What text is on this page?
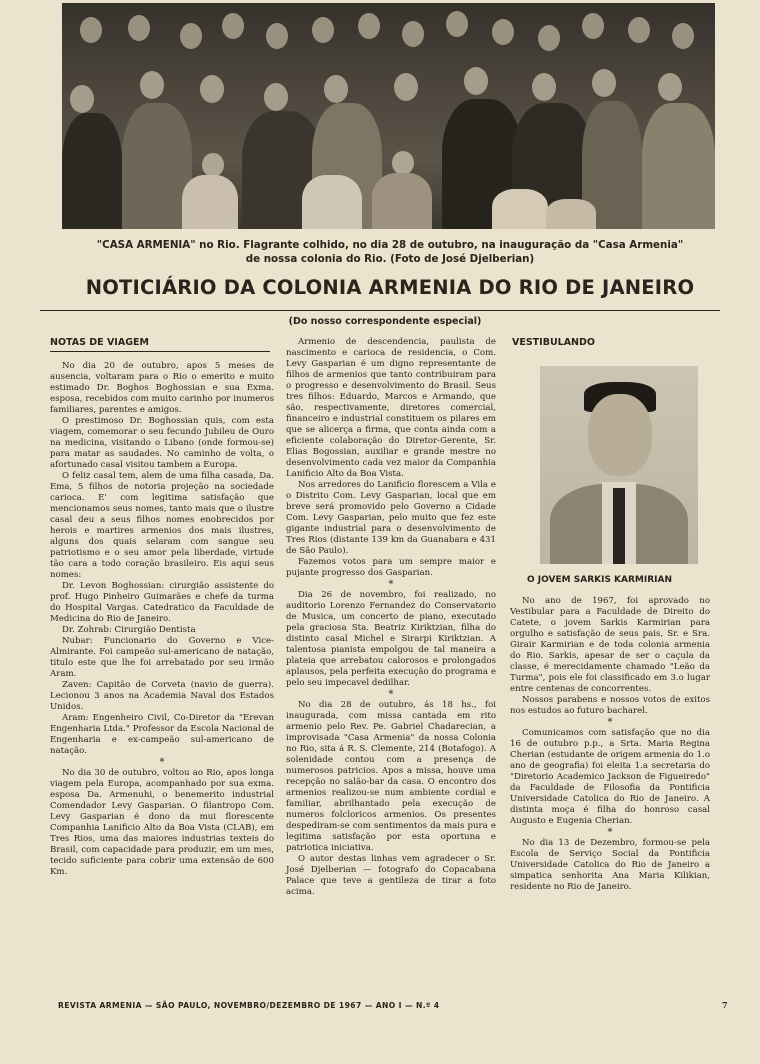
"CASA ARMENIA" no Rio. Flagrante colhido, no dia 28 de outubro, na inauguração da "Casa Armenia"
de nossa colonia do Rio. (Foto de José Djelberian)
NOTICIÁRIO DA COLONIA ARMENIA DO RIO DE JANEIRO
(Do nosso correspondente especial)
NOTAS DE VIAGEM

No dia 20 de outubro, apos 5 meses de ausencia, voltaram para o Rio o emerito e muito estimado Dr. Boghos Boghossian e sua Exma. esposa, recebidos com muito carinho por inumeros familiares, parentes e amigos.

O prestimoso Dr. Boghossian quis, com esta viagem, comemorar o seu fecundo Jubileu de Ouro na medicina, visitando o Libano (onde formou-se) para matar as saudades. No caminho de volta, o afortunado casal visitou tambem a Europa.

O feliz casal tem, alem de uma filha casada, Da. Ema, 5 filhos de notoria projeção na sociedade carioca. E' com legitima satisfação que mencionamos seus nomes, tanto mais que o ilustre casal deu a seus filhos nomes enobrecidos por herois e martires armenios dos mais ilustres, alguns dos quais selaram com sangue seu patriotismo e o seu amor pela liberdade, virtude tão cara a todo coração brasileiro. Eis aqui seus nomes:

Dr. Levon Boghossian: cirurgião assistente do prof. Hugo Pinheiro Guimarães e chefe da turma do Hospital Vargas. Catedratico da Faculdade de Medicina do Rio de Janeiro.

Dr. Zohrab: Cirurgião Dentista

Nubar: Funcionario do Governo e Vice-Almirante. Foi campeão sul-americano de natação, titulo este que lhe foi arrebatado por seu irmão Aram.

Zaven: Capitão de Corveta (navio de guerra). Lecionou 3 anos na Academia Naval dos Estados Unidos.

Aram: Engenheiro Civil, Co-Diretor da "Erevan Engenharia Ltda." Professor da Escola Nacional de Engenharia e ex-campeão sul-americano de natação.

*

No dia 30 de outubro, voltou ao Rio, apos longa viagem pela Europa, acompanhado por sua exma. esposa Da. Armenuhi, o benemerito industrial Comendador Levy Gasparian. O filantropo Com. Levy Gasparian é dono da mui florescente Companhia Lanificio Alto da Boa Vista (CLAB), em Tres Rios, uma das maiores industrias texteis do Brasil, com capacidade para produzir, em um mes, tecido suficiente para cobrir uma extensão de 600 Km.

Armenio de descendencia, paulista de nascimento e carioca de residencia, o Com. Levy Gasparian é um digno representante de filhos de armenios que tanto contribuiram para o progresso e desenvolvimento do Brasil. Seus tres filhos: Eduardo, Marcos e Armando, que são, respectivamente, diretores comercial, financeiro e industrial constituem os pilares em que se alicerça a firma, que conta ainda com a eficiente colaboração do Diretor-Gerente, Sr. Elias Bogossian, auxiliar e grande mestre no desenvolvimento cada vez maior da Companhia Lanificio Alto da Boa Vista.

Nos arredores do Lanificio florescem a Vila e o Distrito Com. Levy Gasparian, local que em breve será promovido pelo Governo a Cidade Com. Levy Gasparian, pelo muito que fez este gigante industrial para o desenvolvimento de Tres Rios (distante 139 km da Guanabara e 431 de São Paulo).

Fazemos votos para um sempre maior e pujante progresso dos Gasparian.

*

Dia 26 de novembro, foi realizado, no auditorio Lorenzo Fernandez do Conservatorio de Musica, um concerto de piano, executado pela graciosa Sta. Beatriz Kiriktzian, filha do distinto casal Michel e Sirarpi Kiriktzian. A talentosa pianista empolgou de tal maneira a plateia que arrebatou calorosos e prolongados aplausos, pela perfeita execução do programa e pelo seu impecavel dedilhar.

*

No dia 28 de outubro, ás 18 hs., foi inaugurada, com missa cantada em rito armenio pelo Rev. Pe. Gabriel Chadarecian, a improvisada "Casa Armenia" da nossa Colonia no Rio, sita á R. S. Clemente, 214 (Botafogo). A solenidade contou com a presença de numerosos patricios. Apos a missa, houve uma recepção no salão-bar da casa. O encontro dos armenios realizou-se num ambiente cordial e familiar, abrilhantado pela execução de numeros folcloricos armenios. Os presentes despediram-se com sentimentos da mais pura e legitima satisfação por esta oportuna e patriotica iniciativa.

O autor destas linhas vem agradecer o Sr. José Djelberian — fotografo do Copacabana Palace que teve a gentileza de tirar a foto acima.

VESTIBULANDO
O JOVEM SARKIS KARMIRIAN

No ano de 1967, foi aprovado no Vestibular para a Faculdade de Direito do Catete, o jovem Sarkis Karmirian para orgulho e satisfação de seus pais, Sr. e Sra. Girair Karmirian e de toda colonia armenia do Rio. Sarkis, apesar de ser o caçula da classe, é merecidamente chamado "Leão da Turma", pois ele foi classificado em 3.o lugar entre centenas de concorrentes.

Nossos parabens e nossos votos de exitos nos estudos ao futuro bacharel.

*

Comunicamos com satisfação que no dia 16 de outubro p.p., a Srta. Maria Regina Cherian (estudante de origem armenia do 1.o ano de geografia) foi eleita 1.a secretaria do "Diretorio Academico Jackson de Figueiredo" da Faculdade de Filosofia da Pontificia Universidade Catolica do Rio de Janeiro. A distinta moça é filha do honroso casal Augusto e Eugenia Cherian.

*

No dia 13 de Dezembro, formou-se pela Escola de Serviço Social da Pontificia Universidade Catolica do Rio de Janeiro a simpatica senhorita Ana Maria Kilikian, residente no Rio de Janeiro.

REVISTA ARMENIA — SÃO PAULO, NOVEMBRO/DEZEMBRO DE 1967 — ANO I — N.º 4	7
